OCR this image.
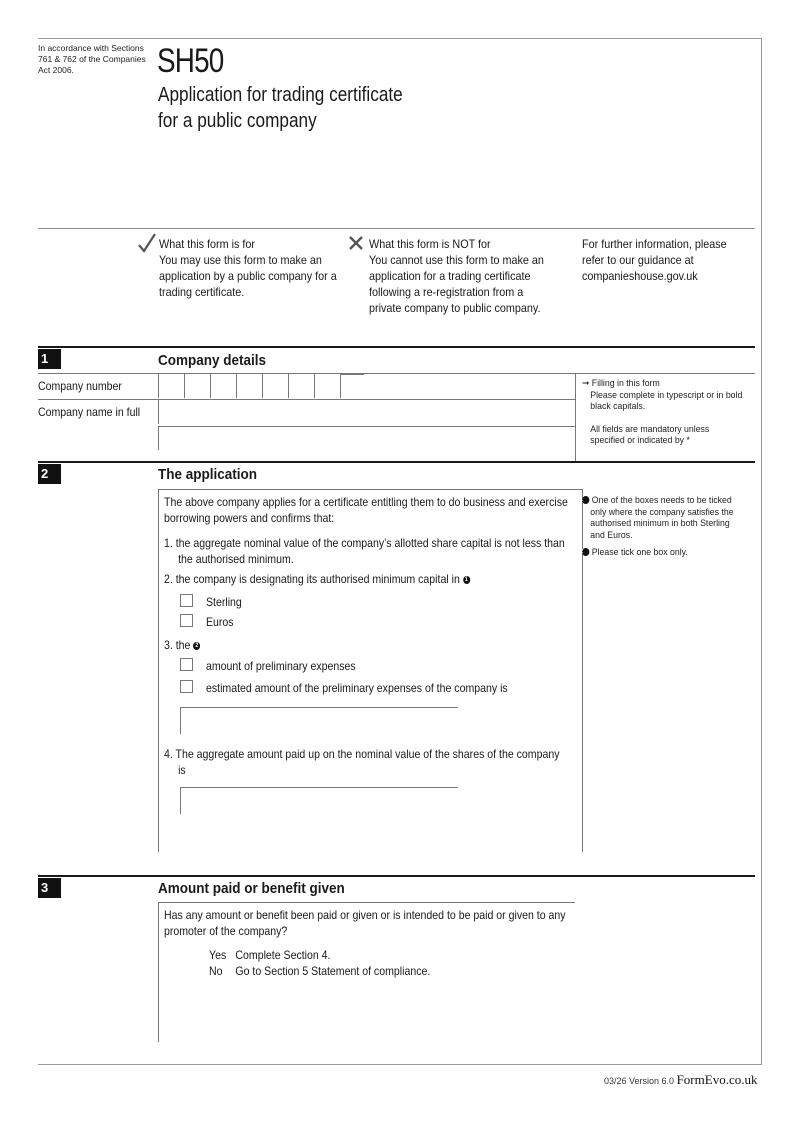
In accordance with Sections 761 & 762 of the Companies Act 2006.	SH50
Application for trading certificate
for a public company
What this form is for
You may use this form to make an application by a public company for a trading certificate.
What this form is NOT for
You cannot use this form to make an application for a trading certificate following a re-registration from a private company to public company.
For further information, please refer to our guidance at companieshouse.gov.uk
1	Company details
Company number
Company name in full
➞ Filling in this form
Please complete in typescript or in bold black capitals.
All fields are mandatory unless specified or indicated by *
2	The application
The above company applies for a certificate entitling them to do business and exercise borrowing powers and confirms that:
1. the aggregate nominal value of the company’s allotted share capital is not less than the authorised minimum.
2. the company is designating its authorised minimum capital in 1
Sterling
Euros
3. the 2
amount of preliminary expenses
estimated amount of the preliminary expenses of the company is
4. The aggregate amount paid up on the nominal value of the shares of the company is
1 One of the boxes needs to be ticked only where the company satisfies the authorised minimum in both Sterling and Euros.
2 Please tick one box only.
3	Amount paid or benefit given
Has any amount or benefit been paid or given or is intended to be paid or given to any promoter of the company?
Yes Complete Section 4.
No Go to Section 5 Statement of compliance.
03/26 Version 6.0 FormEvo.co.uk
